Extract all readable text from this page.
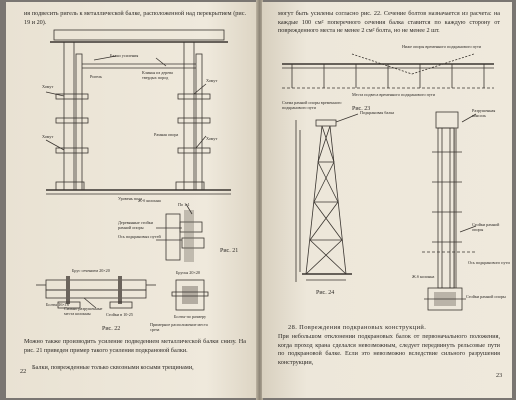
ия подвесить ригель к металлической балке, расположенной над перекрытием (рис. 19 и 20).
Балки усиления
Хомут
Клинья из дерева твердых пород
Ригель
Хомут
Рамная опора
Хомут
Уровень пола
Хомут
Ж-б колонна
Деревянные стойки рамной опоры
Ось подкрановых путей
По 1-1
Рис. 21
Брус сечением 20×20	Брусья 20×20
Сильно разрушенные места колонны
Болты 16×16
Стойки в 10-25	Болты-по размеру
Примерное расположение места среза
Рис. 22
Можно также производить усиление подведением металлической балки снизу. На рис. 21 приведен пример такого усиления подкрановой балки.
Балки, поврежденные только сквозными косыми трещинами,
22
могут быть усилены согласно рис. 22. Сечение болтов назначается из расчета: на каждые 100 см² поперечного сечения балка ставится по каждую сторону от поврежденного места не менее 2 см² болта, но не менее 2 шт.
Ниже опоры временного подкранового пути
Места подвеса временного подкранового пути
Рис. 23
Схема рамной опоры временного подкранового пути
Подкрановая балка	Разрушенная консоль
Стойки рамной опоры
Ось подкранового пути
Ж.б колонна
Стойки рамной опоры
Рис. 24
28. Повреждения подкрановых конструкций.
При небольшом отклонении подкрановых балок от первоначального положения, когда проход крана сделался невозможным, следует передвинуть рельсовые пути по подкрановой балке. Если это невозможно вследствие сильного разрушения конструкции,
23
